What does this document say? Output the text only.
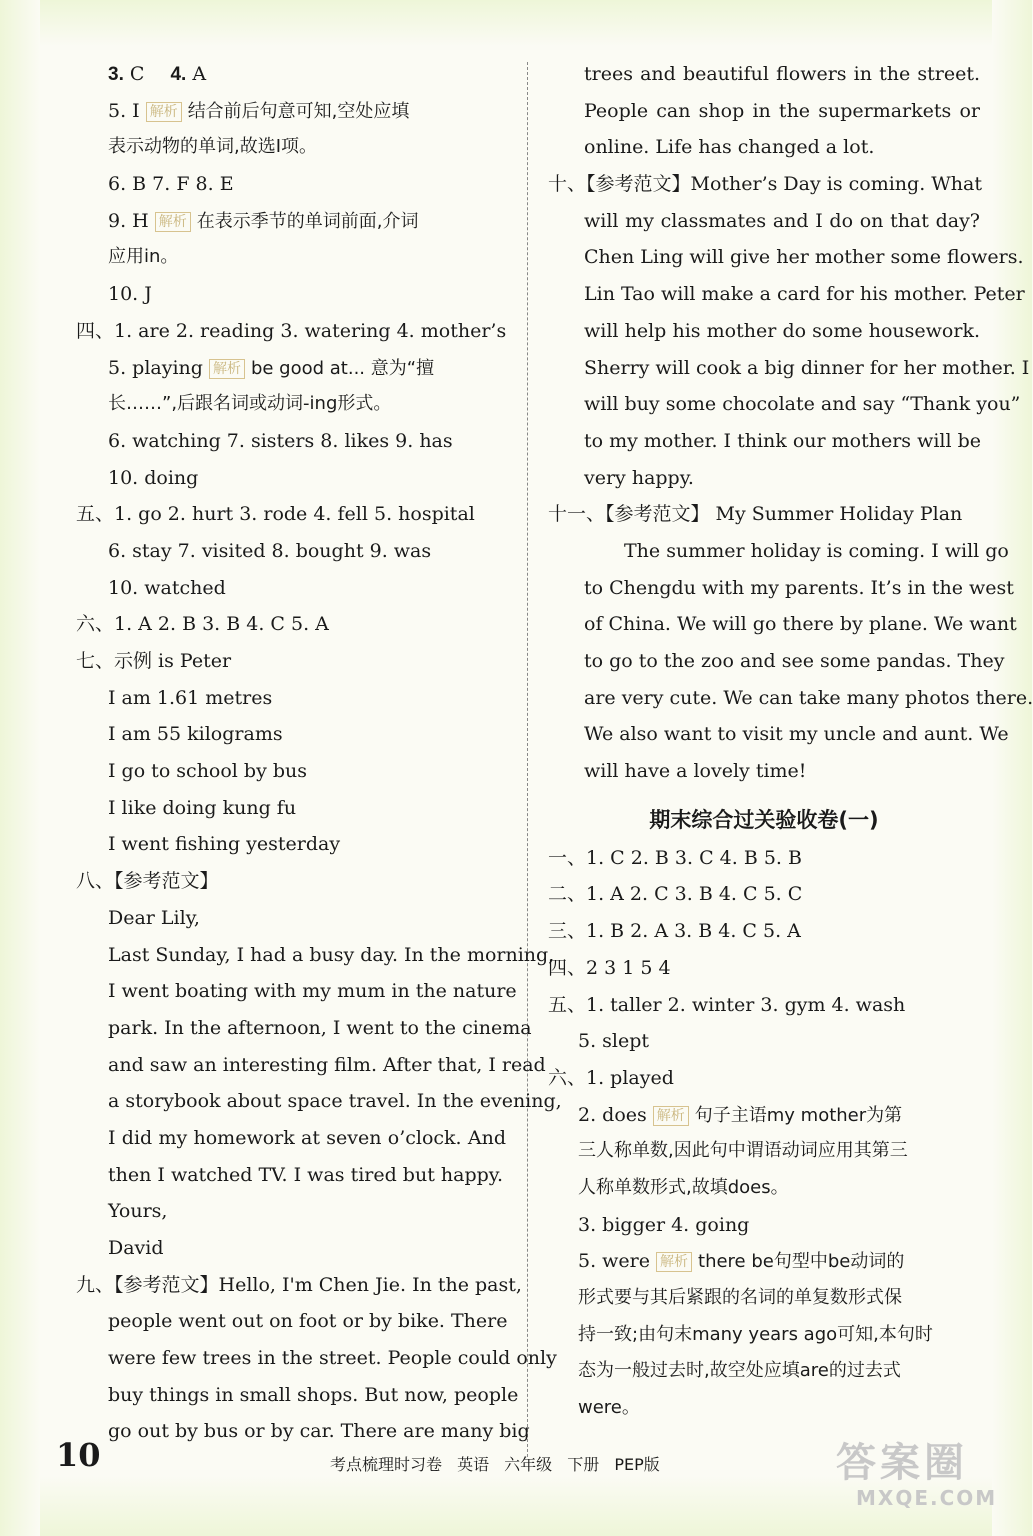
3. C 4. A
5. I 解析 结合前后句意可知,空处应填
表示动物的单词,故选I项。
6. B 7. F 8. E
9. H 解析 在表示季节的单词前面,介词
应用in。
10. J
四、1. are 2. reading 3. watering 4. mother’s
5. playing 解析 be good at... 意为“擅
长……”,后跟名词或动词-ing形式。
6. watching 7. sisters 8. likes 9. has
10. doing
五、1. go 2. hurt 3. rode 4. fell 5. hospital
6. stay 7. visited 8. bought 9. was
10. watched
六、1. A 2. B 3. B 4. C 5. A
七、示例 is Peter
I am 1.61 metres
I am 55 kilograms
I go to school by bus
I like doing kung fu
I went fishing yesterday
八、【参考范文】
Dear Lily,
Last Sunday, I had a busy day. In the morning,
I went boating with my mum in the nature
park. In the afternoon, I went to the cinema
and saw an interesting film. After that, I read
a storybook about space travel. In the evening,
I did my homework at seven o’clock. And
then I watched TV. I was tired but happy.
Yours,
David
九、【参考范文】Hello, I'm Chen Jie. In the past,
people went out on foot or by bike. There
were few trees in the street. People could only
buy things in small shops. But now, people
go out by bus or by car. There are many big
trees and beautiful flowers in the street.
People can shop in the supermarkets or
online. Life has changed a lot.
十、【参考范文】Mother’s Day is coming. What
will my classmates and I do on that day?
Chen Ling will give her mother some flowers.
Lin Tao will make a card for his mother. Peter
will help his mother do some housework.
Sherry will cook a big dinner for her mother. I
will buy some chocolate and say “Thank you”
to my mother. I think our mothers will be
very happy.
十一、【参考范文】 My Summer Holiday Plan
The summer holiday is coming. I will go
to Chengdu with my parents. It’s in the west
of China. We will go there by plane. We want
to go to the zoo and see some pandas. They
are very cute. We can take many photos there.
We also want to visit my uncle and aunt. We
will have a lovely time!
期末综合过关验收卷(一)
一、1. C 2. B 3. C 4. B 5. B
二、1. A 2. C 3. B 4. C 5. C
三、1. B 2. A 3. B 4. C 5. A
四、2 3 1 5 4
五、1. taller 2. winter 3. gym 4. wash
5. slept
六、1. played
2. does 解析 句子主语my mother为第
三人称单数,因此句中谓语动词应用其第三
人称单数形式,故填does。
3. bigger 4. going
5. were 解析 there be句型中be动词的
形式要与其后紧跟的名词的单复数形式保
持一致;由句末many years ago可知,本句时
态为一般过去时,故空处应填are的过去式
were。
10	考点梳理时习卷 英语 六年级 下册 PEP版	答案圈
MXQE.COM
